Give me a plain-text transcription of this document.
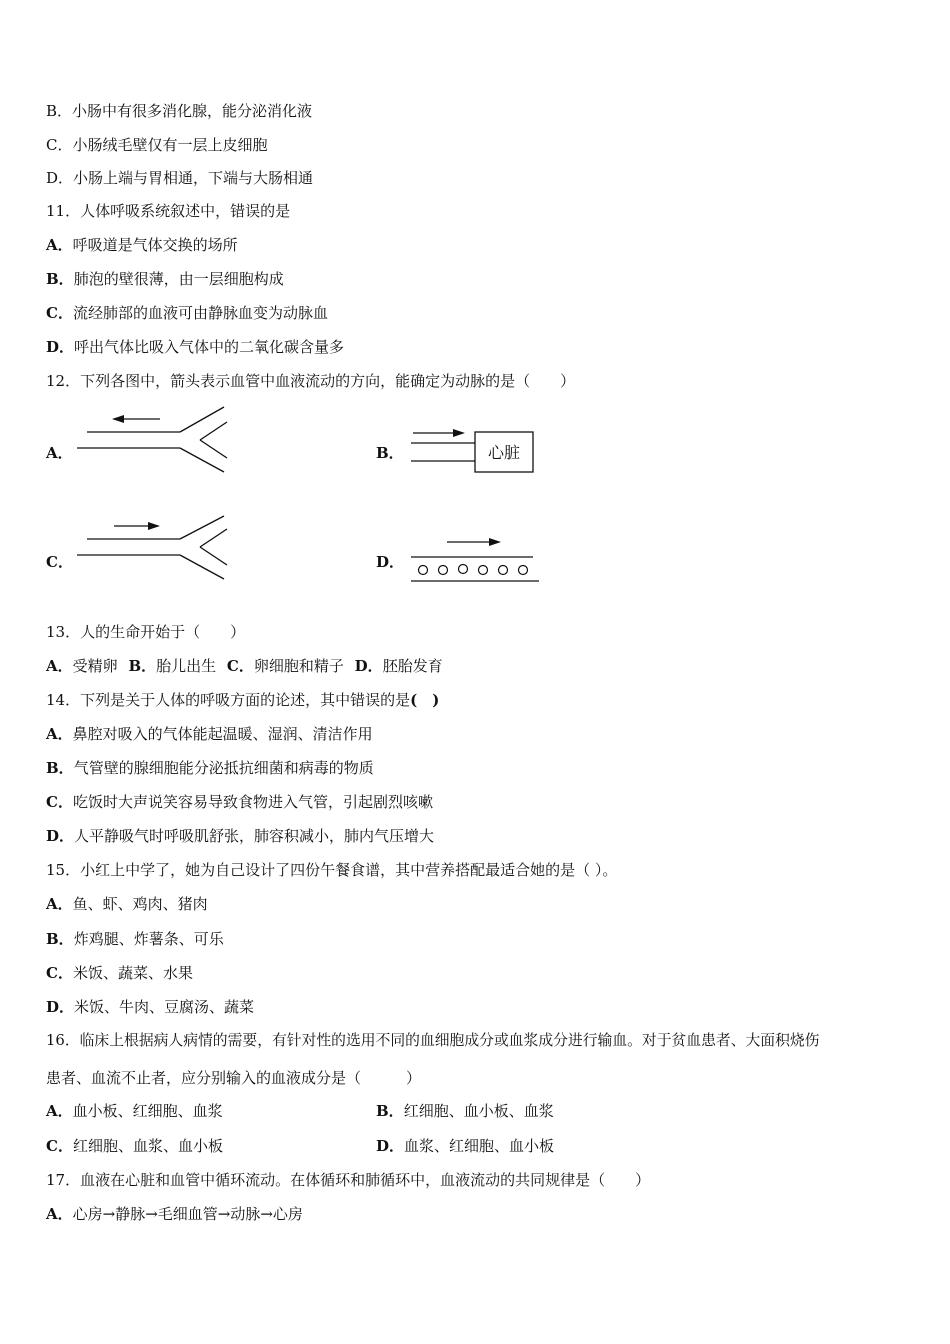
B．小肠中有很多消化腺，能分泌消化液
C．小肠绒毛壁仅有一层上皮细胞
D．小肠上端与胃相通，下端与大肠相通
11．人体呼吸系统叙述中，错误的是
A．呼吸道是气体交换的场所
B．肺泡的壁很薄，由一层细胞构成
C．流经肺部的血液可由静脉血变为动脉血
D．呼出气体比吸入气体中的二氧化碳含量多
12．下列各图中，箭头表示血管中血液流动的方向，能确定为动脉的是（　　）
A．	B．	心脏
C．	D．
13．人的生命开始于（　　）
A．受精卵 B．胎儿出生 C．卵细胞和精子 D．胚胎发育
14．下列是关于人体的呼吸方面的论述，其中错误的是(　)
A．鼻腔对吸入的气体能起温暖、湿润、清洁作用
B．气管壁的腺细胞能分泌抵抗细菌和病毒的物质
C．吃饭时大声说笑容易导致食物进入气管，引起剧烈咳嗽
D．人平静吸气时呼吸肌舒张，肺容积减小，肺内气压增大
15．小红上中学了，她为自己设计了四份午餐食谱，其中营养搭配最适合她的是（ ）。
A．鱼、虾、鸡肉、猪肉
B．炸鸡腿、炸薯条、可乐
C．米饭、蔬菜、水果
D．米饭、牛肉、豆腐汤、蔬菜
16．临床上根据病人病情的需要，有针对性的选用不同的血细胞成分或血浆成分进行输血。对于贫血患者、大面积烧伤
患者、血流不止者，应分别输入的血液成分是（　　　）
A．血小板、红细胞、血浆	B．红细胞、血小板、血浆
C．红细胞、血浆、血小板	D．血浆、红细胞、血小板
17．血液在心脏和血管中循环流动。在体循环和肺循环中，血液流动的共同规律是（　　）
A．心房→静脉→毛细血管→动脉→心房
